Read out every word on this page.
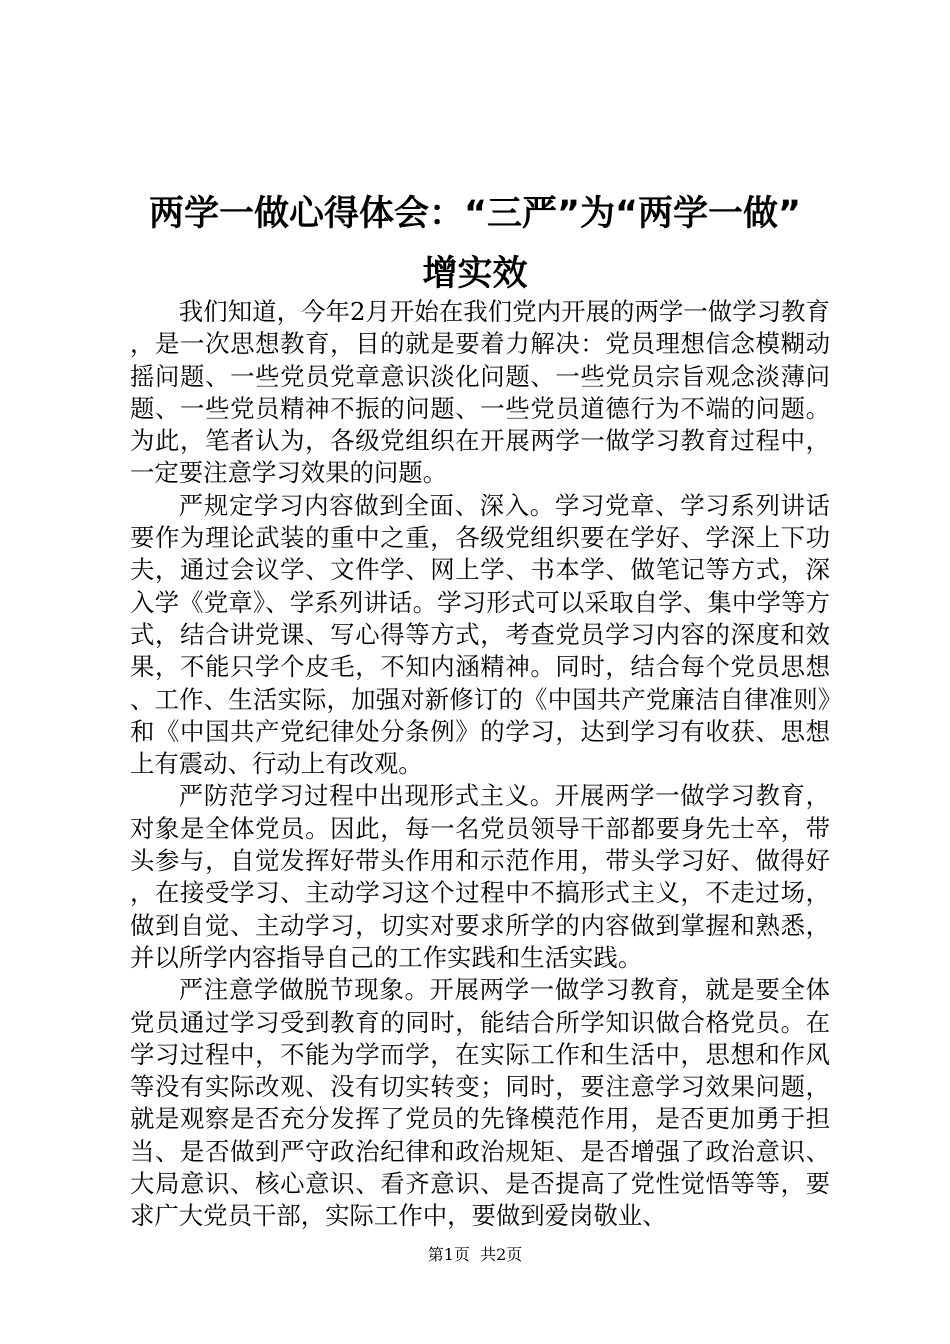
两学一做心得体会：“三严”为“两学一做”
增实效

我们知道，今年2月开始在我们党内开展的两学一做学习教育，是一次思想教育，目的就是要着力解决：党员理想信念模糊动摇问题、一些党员党章意识淡化问题、一些党员宗旨观念淡薄问题、一些党员精神不振的问题、一些党员道德行为不端的问题。为此，笔者认为，各级党组织在开展两学一做学习教育过程中，一定要注意学习效果的问题。

严规定学习内容做到全面、深入。学习党章、学习系列讲话要作为理论武装的重中之重，各级党组织要在学好、学深上下功夫，通过会议学、文件学、网上学、书本学、做笔记等方式，深入学《党章》、学系列讲话。学习形式可以采取自学、集中学等方式，结合讲党课、写心得等方式，考查党员学习内容的深度和效果，不能只学个皮毛，不知内涵精神。同时，结合每个党员思想、工作、生活实际，加强对新修订的《中国共产党廉洁自律准则》和《中国共产党纪律处分条例》的学习，达到学习有收获、思想上有震动、行动上有改观。

严防范学习过程中出现形式主义。开展两学一做学习教育，对象是全体党员。因此，每一名党员领导干部都要身先士卒，带头参与，自觉发挥好带头作用和示范作用，带头学习好、做得好，在接受学习、主动学习这个过程中不搞形式主义，不走过场，做到自觉、主动学习，切实对要求所学的内容做到掌握和熟悉，并以所学内容指导自己的工作实践和生活实践。

严注意学做脱节现象。开展两学一做学习教育，就是要全体党员通过学习受到教育的同时，能结合所学知识做合格党员。在学习过程中，不能为学而学，在实际工作和生活中，思想和作风等没有实际改观、没有切实转变；同时，要注意学习效果问题，就是观察是否充分发挥了党员的先锋模范作用，是否更加勇于担当、是否做到严守政治纪律和政治规矩、是否增强了政治意识、大局意识、核心意识、看齐意识、是否提高了党性觉悟等等，要求广大党员干部，实际工作中，要做到爱岗敬业、

第1页  共2页
